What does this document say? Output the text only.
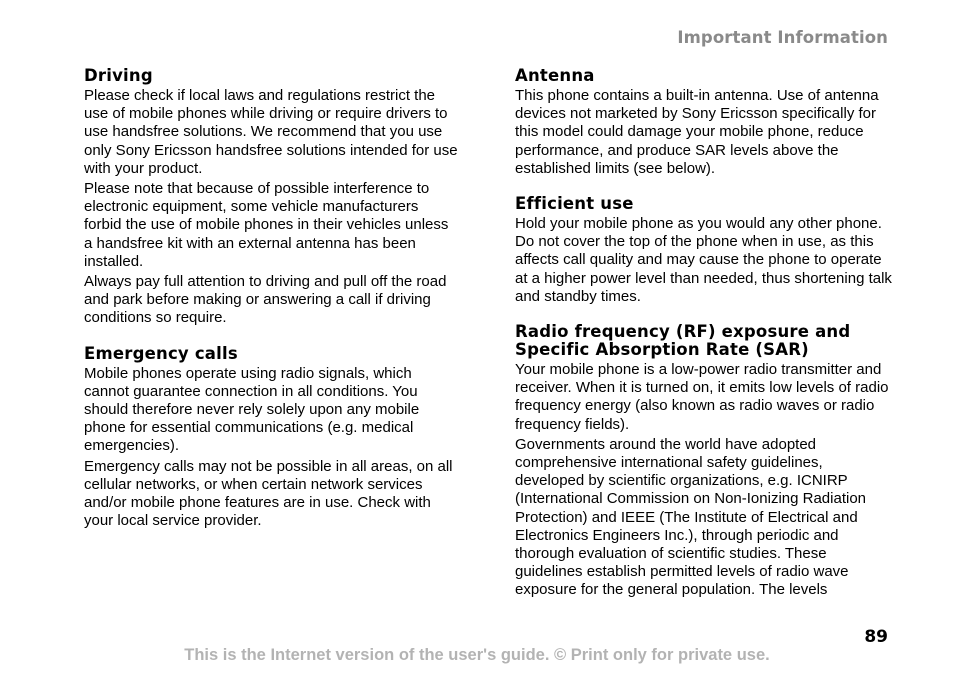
Important Information
Driving

Please check if local laws and regulations restrict the use of mobile phones while driving or require drivers to use handsfree solutions. We recommend that you use only Sony Ericsson handsfree solutions intended for use with your product.

Please note that because of possible interference to electronic equipment, some vehicle manufacturers forbid the use of mobile phones in their vehicles unless a handsfree kit with an external antenna has been installed.

Always pay full attention to driving and pull off the road and park before making or answering a call if driving conditions so require.

Emergency calls

Mobile phones operate using radio signals, which cannot guarantee connection in all conditions. You should therefore never rely solely upon any mobile phone for essential communications (e.g. medical emergencies).

Emergency calls may not be possible in all areas, on all cellular networks, or when certain network services and/or mobile phone features are in use. Check with your local service provider.

Antenna

This phone contains a built-in antenna. Use of antenna devices not marketed by Sony Ericsson specifically for this model could damage your mobile phone, reduce performance, and produce SAR levels above the established limits (see below).

Efficient use

Hold your mobile phone as you would any other phone. Do not cover the top of the phone when in use, as this affects call quality and may cause the phone to operate at a higher power level than needed, thus shortening talk and standby times.

Radio frequency (RF) exposure and Specific Absorption Rate (SAR)

Your mobile phone is a low-power radio transmitter and receiver. When it is turned on, it emits low levels of radio frequency energy (also known as radio waves or radio frequency fields).

Governments around the world have adopted comprehensive international safety guidelines, developed by scientific organizations, e.g. ICNIRP (International Commission on Non-Ionizing Radiation Protection) and IEEE (The Institute of Electrical and Electronics Engineers Inc.), through periodic and thorough evaluation of scientific studies. These guidelines establish permitted levels of radio wave exposure for the general population. The levels

89
This is the Internet version of the user's guide. © Print only for private use.
